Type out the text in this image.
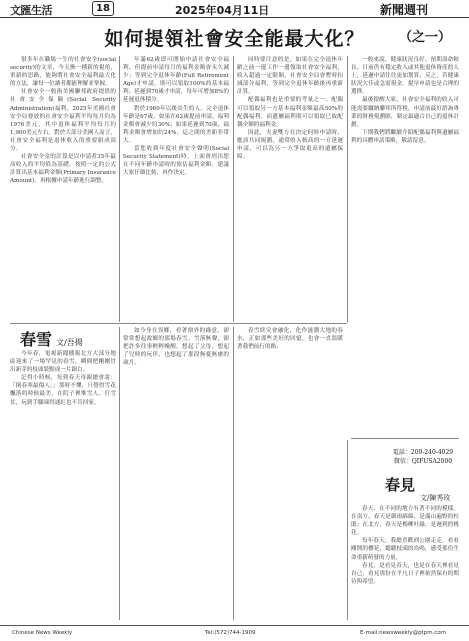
文匯生活	18	2025年04月11日	新聞週刊
如何提領社會安全能最大化？	（之一）

很多年在職場一生的社會安全(social security)的文章，今天換一種新的視角，重新的思路，能夠將社會安全福利最大化的方法，讓每一位讀者都能理解並掌握。

社會安全一般指美國聯邦政府提供的社會安全保險(Social Security Administration)福利，2025年美國社會安全局發放的社會安全福利平均每月約為1976美元，其中退休福利平均每月約1,900美元左右。對於大部分美國人而言，社會安全福利是退休收入的重要組成部分。

社會安全金的計算是以申請者35年最高收入的平均值為基礎，按照一定的公式計算出基本福利金額(Primary Insurance Amount)，再根據申請年齡進行調整。

年滿62歲即可開始申請社會安全福利，但提前申請每月的福利金額會永久減少；等到完全退休年齡(Full Retirement Age)才申請，則可以領取100%的基本福利；延遲到70歲才申請，每年可增加8%的延遲退休積分。

對於1960年以後出生的人，完全退休年齡是67歲。如果在62歲提前申請，福利金額會減少約30%；如果延遲到70歲，福利金額會增加約24%。這之間的差距非常大。

當您收到年度社會安全聲明(Social Security Statement)時，上面會列出您在不同年齡申請時的預估福利金額，建議大家仔細比較，再作決定。

同時要注意的是，如果在完全退休年齡之前一邊工作一邊領取社會安全福利，收入超過一定限額，社會安全局會暫時扣減部分福利，等到完全退休年齡後再重新計算。

配偶福利也是重要的考量之一。配偶可以領取另一方基本福利金額最高50%的配偶福利，而遺屬福利則可以領取已故配偶全額的福利金。

因此，夫妻雙方在決定何時申請時，應該共同規劃，通常收入較高的一方延遲申請，可以為另一方爭取更高的遺屬保障。

一般來說，健康狀況良好、預期壽命較長、目前仍有穩定收入或其他退休資產的人士，延遲申請往往更加划算；反之，若健康狀況欠佳或急需現金，提早申請也是合理的選擇。

最後提醒大家，社會安全福利的收入可能需要繳納聯邦所得稅，申請前最好諮詢專業的財務規劃師，制定最適合自己的退休計劃。

下期我們將繼續介紹配偶福利與遺屬福利的具體申請策略，敬請留意。

電話：209-240-4029
微信：QIFUSA2000
春雪 文/吾揚

今年春，電視新聞播報北方大部分地區迎來了一場罕見的春雪，瞬間把剛剛冒出新芽的枝頭裝點成一片銀白。

記得小時候，每到春天母親總會說：「倒春寒最傷人。」那時不懂，只覺得雪花飄落的時候最美，在院子裡堆雪人、打雪仗，玩到手腳凍得通紅也不肯回家。

如今身在異鄉，看著窗外的綠意，卻常常想起故鄉的那場春雪。雪落無聲，卻把許多往事輕輕喚醒，想起了父母，想起了兒時的玩伴，也想起了那段無憂無慮的歲月。

春雪終究會融化，化作滋潤大地的春水，正如那些美好的回憶，也會一直溫暖著我們前行的路。

春見
文/陳秀玫

春天，在不同的地方有著不同的模樣。在南方，春天是細雨綿綿，是滿山遍野的杜鵑；在北方，春天是楊柳吐綠，是遲到的桃花。

每年春天，我總喜歡到公園走走，看看剛開的櫻花，聽聽枝頭的鳥鳴，感受那份生命重新萌發的力量。

春見，是看見春天，也是在春天裡看見自己，看見那份在平凡日子裡依然保有的期待與希望。

Chinese News Weekly	Tel:(572)744-1909	E-mail:newsweekly@ptpm.com
